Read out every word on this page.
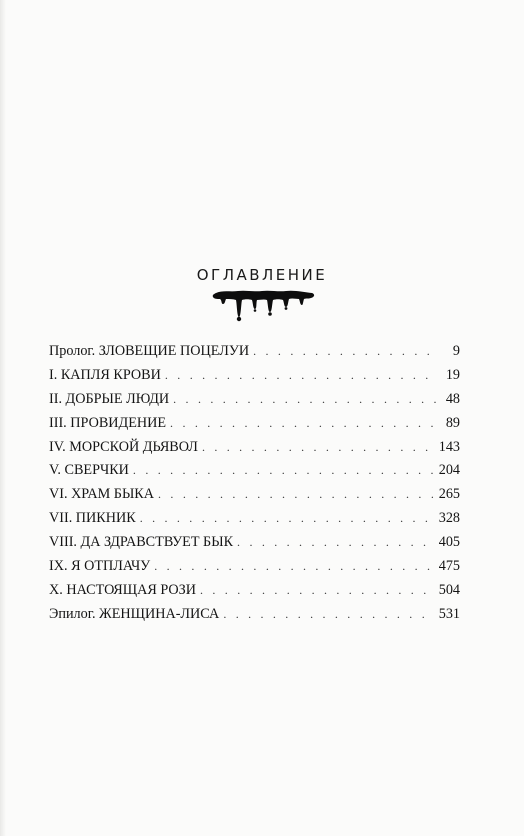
ОГЛАВЛЕНИЕ
Пролог. ЗЛОВЕЩИЕ ПОЦЕЛУИ . . .	9
I. КАПЛЯ КРОВИ . . .	19
II. ДОБРЫЕ ЛЮДИ . . .	48
III. ПРОВИДЕНИЕ . . .	89
IV. МОРСКОЙ ДЬЯВОЛ . . .	143
V. СВЕРЧКИ . . .	204
VI. ХРАМ БЫКА . . .	265
VII. ПИКНИК . . .	328
VIII. ДА ЗДРАВСТВУЕТ БЫК . . .	405
IX. Я ОТПЛАЧУ . . .	475
X. НАСТОЯЩАЯ РОЗИ . . .	504
Эпилог. ЖЕНЩИНА-ЛИСА . . .	531
